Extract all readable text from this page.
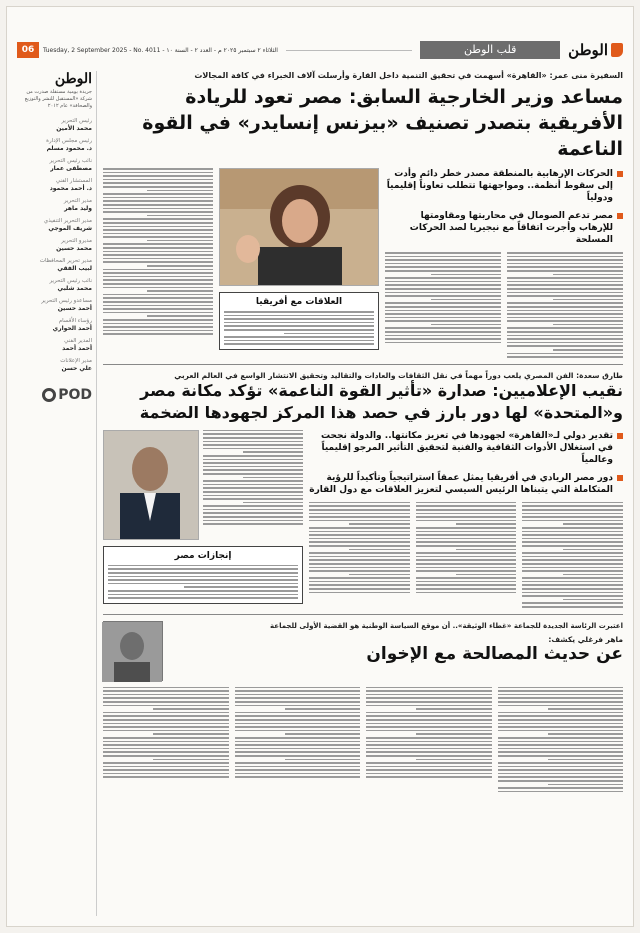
الوطن
قلب الوطن
الثلاثاء ٢ سبتمبر ٢٠٢٥ م - العدد ٢ - السنة ١٠ - Tuesday, 2 September 2025 - No. 4011
06
الوطن
جريدة يومية مستقلة صدرت من شركة «المستقبل للنشر والتوزيع والصحافة» عام ٢٠١٢
رئيس التحرير
محمد الأمين
رئيس مجلس الإدارة
د. محمود مسلم
نائب رئيس التحرير
مصطفى عمار
المستشار الفني
د. أحمد محمود
مدير التحرير
وليد ماهر
مدير التحرير التنفيذي
شريف الموجي
مديرو التحرير
محمد حسين
مدير تحرير المحافظات
لبيب الفقي
نائب رئيس التحرير
محمد شلبي
مساعدو رئيس التحرير
أحمد حسين
رؤساء الأقسام
أحمد الحواري
المدير الفني
أحمد أحمد
مدير الإعلانات
علي حسن
POD
السفيرة منى عمر: «القاهرة» أسهمت في تحقيق التنمية داخل القارة وأرسلت آلاف الخبراء في كافة المجالات
مساعد وزير الخارجية السابق: مصر تعود للريادة الأفريقية بتصدر تصنيف «بيزنس إنسايدر» في القوة الناعمة
الحركات الإرهابية بالمنطقة مصدر خطر دائم وأدت إلى سقوط أنظمة.. ومواجهتها تتطلب تعاوناً إقليمياً ودولياً
مصر تدعم الصومال في محاربتها ومقاومتها للإرهاب وأجرت اتفاقاً مع نيجيريا لصد الحركات المسلحة
العلاقات مع أفريقيا
طارق سعدة: الفن المصري يلعب دوراً مهماً في نقل الثقافات والعادات والتقاليد وتحقيق الانتشار الواسع في العالم العربي
نقيب الإعلاميين: صدارة «تأثير القوة الناعمة» تؤكد مكانة مصر و«المتحدة» لها دور بارز في حصد هذا المركز لجهودها الضخمة
تقدير دولي لـ«القاهرة» لجهودها في تعزيز مكانتها.. والدولة نجحت في استغلال الأدوات الثقافية والفنية لتحقيق التأثير المرجو إقليمياً وعالمياً
دور مصر الريادي في أفريقيا يمثل عمقاً استراتيجياً وتأكيداً للرؤية المتكاملة التي يتبناها الرئيس السيسي لتعزيز العلاقات مع دول القارة
إنجازات مصر
اعتبرت الرئاسة الجديدة للجماعة «غطاء الوثيقة».. أن موقع السياسة الوطنية هو القضية الأولى للجماعة
ماهر فرغلي يكشف:
عن حديث المصالحة مع الإخوان
